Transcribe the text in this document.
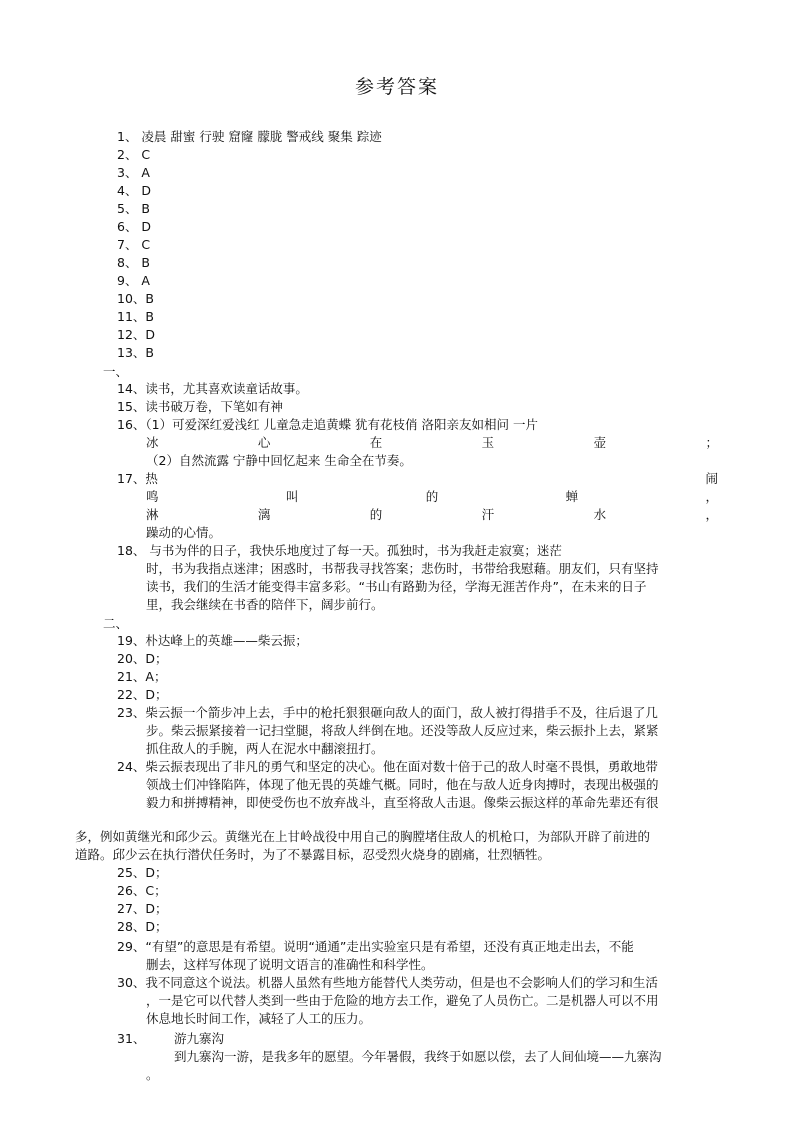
参考答案
1、 凌晨 甜蜜 行驶 窟窿 朦胧 警戒线 聚集 踪迹
2、 C
3、 A
4、 D
5、 B
6、 D
7、 C
8、 B
9、 A
10、B
11、B
12、D
13、B
一、
14、读书，尤其喜欢读童话故事。
15、读书破万卷，下笔如有神
16、（1）可爱深红爱浅红 儿童急走追黄蝶 犹有花枝俏 洛阳亲友如相问 一片
冰	心	在	玉	壶	；
（2）自然流露 宁静中回忆起来 生命全在节奏。
17、热	闹
鸣	叫	的	蝉	，
淋	漓	的	汗	水	，
躁动的心情。
18、 与书为伴的日子，我快乐地度过了每一天。孤独时，书为我赶走寂寞；迷茫
时，书为我指点迷津；困惑时，书帮我寻找答案；悲伤时，书带给我慰藉。朋友们，只有坚持
读书，我们的生活才能变得丰富多彩。“书山有路勤为径，学海无涯苦作舟”，在未来的日子
里，我会继续在书香的陪伴下，阔步前行。
二、
19、朴达峰上的英雄——柴云振；
20、D；
21、A；
22、D；
23、柴云振一个箭步冲上去，手中的枪托狠狠砸向敌人的面门，敌人被打得措手不及，往后退了几
步。柴云振紧接着一记扫堂腿，将敌人绊倒在地。还没等敌人反应过来，柴云振扑上去，紧紧
抓住敌人的手腕，两人在泥水中翻滚扭打。
24、柴云振表现出了非凡的勇气和坚定的决心。他在面对数十倍于己的敌人时毫不畏惧，勇敢地带
领战士们冲锋陷阵，体现了他无畏的英雄气概。同时，他在与敌人近身肉搏时，表现出极强的
毅力和拼搏精神，即使受伤也不放弃战斗，直至将敌人击退。像柴云振这样的革命先辈还有很
多，例如黄继光和邱少云。黄继光在上甘岭战役中用自己的胸膛堵住敌人的机枪口，为部队开辟了前进的
道路。邱少云在执行潜伏任务时，为了不暴露目标，忍受烈火烧身的剧痛，壮烈牺牲。
25、D；
26、C；
27、D；
28、D；
29、“有望”的意思是有希望。说明“通通”走出实验室只是有希望，还没有真正地走出去，不能
删去，这样写体现了说明文语言的准确性和科学性。
30、我不同意这个说法。机器人虽然有些地方能替代人类劳动，但是也不会影响人们的学习和生活
，一是它可以代替人类到一些由于危险的地方去工作，避免了人员伤亡。二是机器人可以不用
休息地长时间工作，减轻了人工的压力。
31、 游九寨沟
到九寨沟一游，是我多年的愿望。今年暑假，我终于如愿以偿，去了人间仙境——九寨沟
。
